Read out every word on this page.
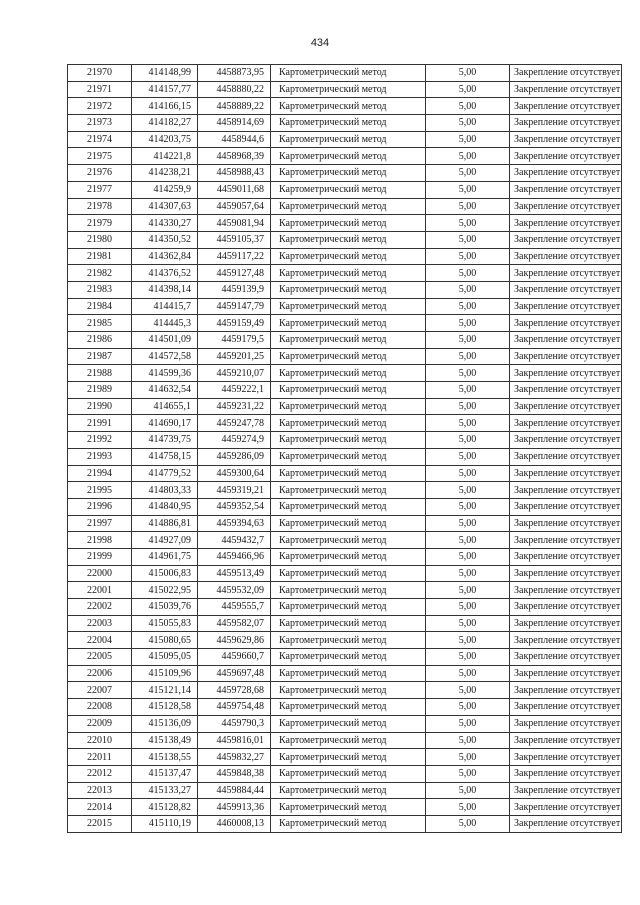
434
21970	414148,99	4458873,95	Картометрический метод	5,00	Закрепление отсутствует
21971	414157,77	4458880,22	Картометрический метод	5,00	Закрепление отсутствует
21972	414166,15	4458889,22	Картометрический метод	5,00	Закрепление отсутствует
21973	414182,27	4458914,69	Картометрический метод	5,00	Закрепление отсутствует
21974	414203,75	4458944,6	Картометрический метод	5,00	Закрепление отсутствует
21975	414221,8	4458968,39	Картометрический метод	5,00	Закрепление отсутствует
21976	414238,21	4458988,43	Картометрический метод	5,00	Закрепление отсутствует
21977	414259,9	4459011,68	Картометрический метод	5,00	Закрепление отсутствует
21978	414307,63	4459057,64	Картометрический метод	5,00	Закрепление отсутствует
21979	414330,27	4459081,94	Картометрический метод	5,00	Закрепление отсутствует
21980	414350,52	4459105,37	Картометрический метод	5,00	Закрепление отсутствует
21981	414362,84	4459117,22	Картометрический метод	5,00	Закрепление отсутствует
21982	414376,52	4459127,48	Картометрический метод	5,00	Закрепление отсутствует
21983	414398,14	4459139,9	Картометрический метод	5,00	Закрепление отсутствует
21984	414415,7	4459147,79	Картометрический метод	5,00	Закрепление отсутствует
21985	414445,3	4459159,49	Картометрический метод	5,00	Закрепление отсутствует
21986	414501,09	4459179,5	Картометрический метод	5,00	Закрепление отсутствует
21987	414572,58	4459201,25	Картометрический метод	5,00	Закрепление отсутствует
21988	414599,36	4459210,07	Картометрический метод	5,00	Закрепление отсутствует
21989	414632,54	4459222,1	Картометрический метод	5,00	Закрепление отсутствует
21990	414655,1	4459231,22	Картометрический метод	5,00	Закрепление отсутствует
21991	414690,17	4459247,78	Картометрический метод	5,00	Закрепление отсутствует
21992	414739,75	4459274,9	Картометрический метод	5,00	Закрепление отсутствует
21993	414758,15	4459286,09	Картометрический метод	5,00	Закрепление отсутствует
21994	414779,52	4459300,64	Картометрический метод	5,00	Закрепление отсутствует
21995	414803,33	4459319,21	Картометрический метод	5,00	Закрепление отсутствует
21996	414840,95	4459352,54	Картометрический метод	5,00	Закрепление отсутствует
21997	414886,81	4459394,63	Картометрический метод	5,00	Закрепление отсутствует
21998	414927,09	4459432,7	Картометрический метод	5,00	Закрепление отсутствует
21999	414961,75	4459466,96	Картометрический метод	5,00	Закрепление отсутствует
22000	415006,83	4459513,49	Картометрический метод	5,00	Закрепление отсутствует
22001	415022,95	4459532,09	Картометрический метод	5,00	Закрепление отсутствует
22002	415039,76	4459555,7	Картометрический метод	5,00	Закрепление отсутствует
22003	415055,83	4459582,07	Картометрический метод	5,00	Закрепление отсутствует
22004	415080,65	4459629,86	Картометрический метод	5,00	Закрепление отсутствует
22005	415095,05	4459660,7	Картометрический метод	5,00	Закрепление отсутствует
22006	415109,96	4459697,48	Картометрический метод	5,00	Закрепление отсутствует
22007	415121,14	4459728,68	Картометрический метод	5,00	Закрепление отсутствует
22008	415128,58	4459754,48	Картометрический метод	5,00	Закрепление отсутствует
22009	415136,09	4459790,3	Картометрический метод	5,00	Закрепление отсутствует
22010	415138,49	4459816,01	Картометрический метод	5,00	Закрепление отсутствует
22011	415138,55	4459832,27	Картометрический метод	5,00	Закрепление отсутствует
22012	415137,47	4459848,38	Картометрический метод	5,00	Закрепление отсутствует
22013	415133,27	4459884,44	Картометрический метод	5,00	Закрепление отсутствует
22014	415128,82	4459913,36	Картометрический метод	5,00	Закрепление отсутствует
22015	415110,19	4460008,13	Картометрический метод	5,00	Закрепление отсутствует
